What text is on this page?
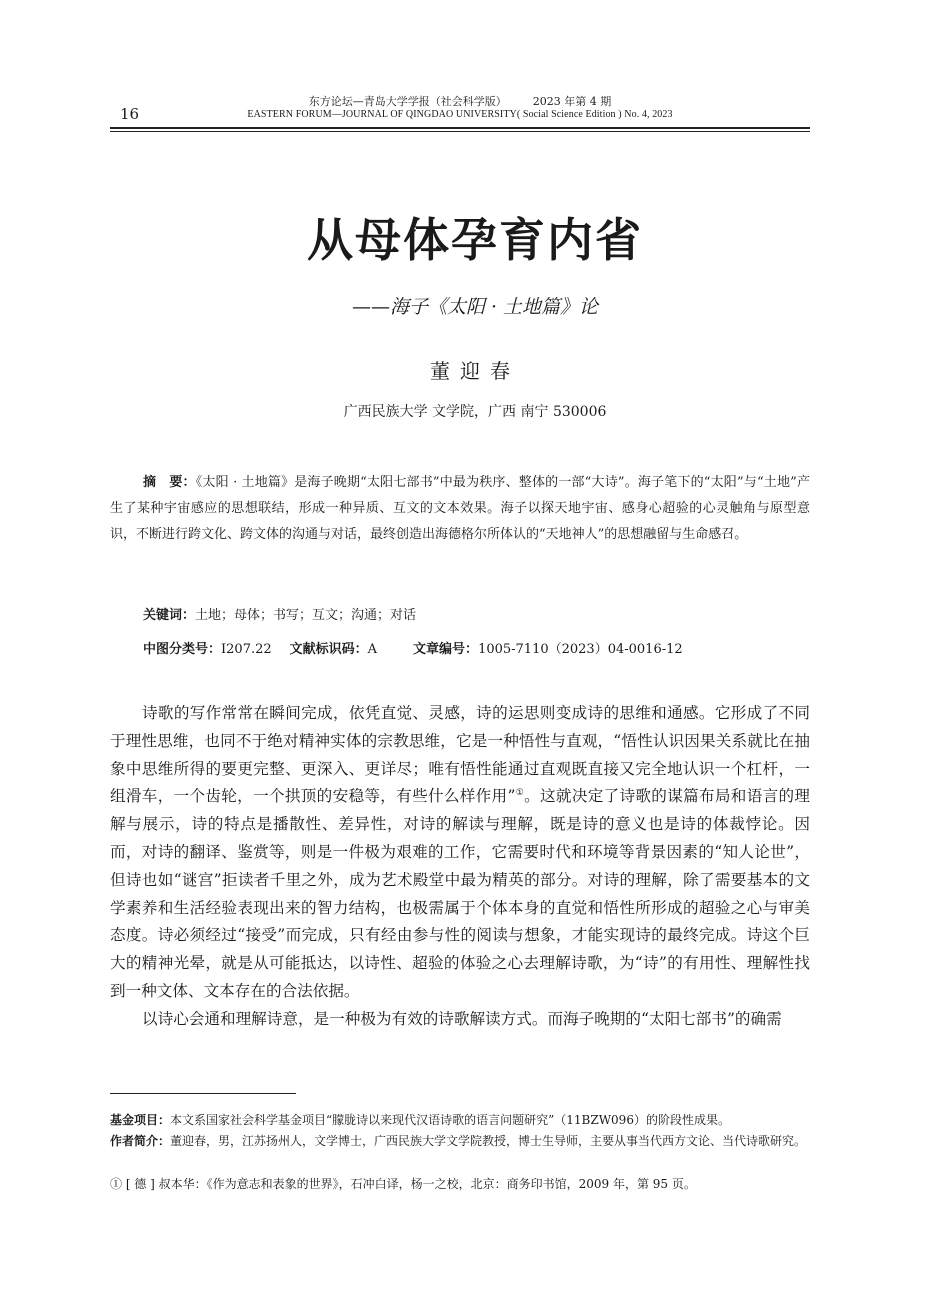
16
东方论坛—青岛大学学报（社会科学版） 2023 年第 4 期
EASTERN FORUM—JOURNAL OF QINGDAO UNIVERSITY( Social Science Edition ) No. 4, 2023
从母体孕育内省
——海子《太阳 · 土地篇》论
董迎春
广西民族大学 文学院，广西 南宁 530006

摘　要：《太阳 · 土地篇》是海子晚期“太阳七部书”中最为秩序、整体的一部“大诗”。海子笔下的“太阳”与“土地”产生了某种宇宙感应的思想联结，形成一种异质、互文的文本效果。海子以探天地宇宙、感身心超验的心灵触角与原型意识，不断进行跨文化、跨文体的沟通与对话，最终创造出海德格尔所体认的“天地神人”的思想融留与生命感召。

关键词：土地；母体；书写；互文；沟通；对话
中图分类号：I207.22 文献标识码：A	文章编号：1005-7110（2023）04-0016-12

诗歌的写作常常在瞬间完成，依凭直觉、灵感，诗的运思则变成诗的思维和通感。它形成了不同于理性思维，也同不于绝对精神实体的宗教思维，它是一种悟性与直观，“悟性认识因果关系就比在抽象中思维所得的要更完整、更深入、更详尽；唯有悟性能通过直观既直接又完全地认识一个杠杆，一组滑车，一个齿轮，一个拱顶的安稳等，有些什么样作用”①。这就决定了诗歌的谋篇布局和语言的理解与展示，诗的特点是播散性、差异性，对诗的解读与理解，既是诗的意义也是诗的体裁悖论。因而，对诗的翻译、鉴赏等，则是一件极为艰难的工作，它需要时代和环境等背景因素的“知人论世”，但诗也如“谜宫”拒读者千里之外，成为艺术殿堂中最为精英的部分。对诗的理解，除了需要基本的文学素养和生活经验表现出来的智力结构，也极需属于个体本身的直觉和悟性所形成的超验之心与审美态度。诗必须经过“接受”而完成，只有经由参与性的阅读与想象，才能实现诗的最终完成。诗这个巨大的精神光晕，就是从可能抵达，以诗性、超验的体验之心去理解诗歌，为“诗”的有用性、理解性找到一种文体、文本存在的合法依据。

以诗心会通和理解诗意，是一种极为有效的诗歌解读方式。而海子晚期的“太阳七部书”的确需

基金项目：本文系国家社会科学基金项目“朦胧诗以来现代汉语诗歌的语言问题研究”（11BZW096）的阶段性成果。
作者简介：董迎春，男，江苏扬州人，文学博士，广西民族大学文学院教授，博士生导师，主要从事当代西方文论、当代诗歌研究。
① [ 德 ] 叔本华：《作为意志和表象的世界》，石冲白译，杨一之校，北京：商务印书馆，2009 年，第 95 页。
